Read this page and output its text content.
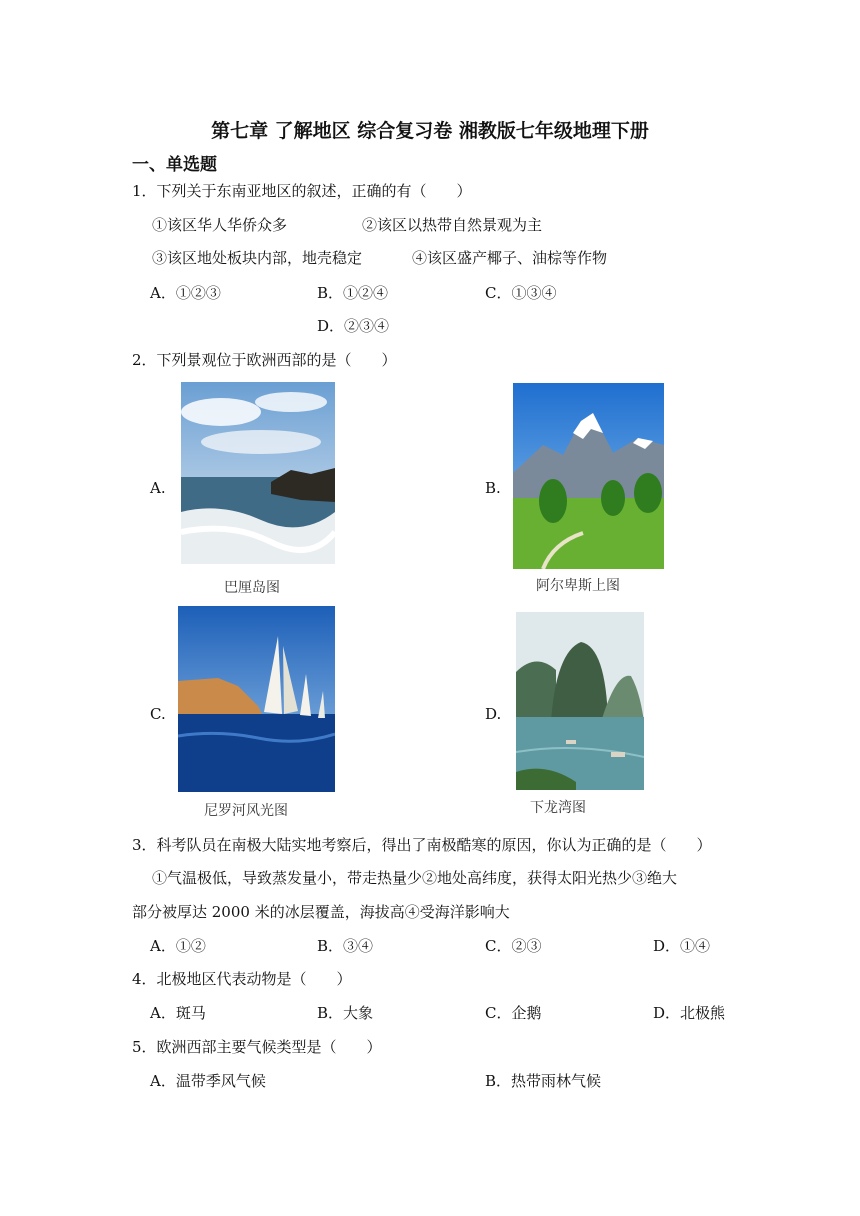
第七章 了解地区 综合复习卷 湘教版七年级地理下册
一、单选题
1．下列关于东南亚地区的叙述，正确的有（　　）
①该区华人华侨众多	②该区以热带自然景观为主
③该区地处板块内部，地壳稳定	④该区盛产椰子、油棕等作物
A．①②③	B．①②④	C．①③④
D．②③④
2．下列景观位于欧洲西部的是（　　）
A.
巴厘岛图
B.
阿尔卑斯上图
C.
尼罗河风光图
D.
下龙湾图
3．科考队员在南极大陆实地考察后，得出了南极酷寒的原因，你认为正确的是（　　）
①气温极低，导致蒸发量小，带走热量少②地处高纬度，获得太阳光热少③绝大
部分被厚达 2000 米的冰层覆盖，海拔高④受海洋影响大
A．①②	B．③④	C．②③	D．①④
4．北极地区代表动物是（　　）
A．斑马	B．大象	C．企鹅	D．北极熊
5．欧洲西部主要气候类型是（　　）
A．温带季风气候	B．热带雨林气候
